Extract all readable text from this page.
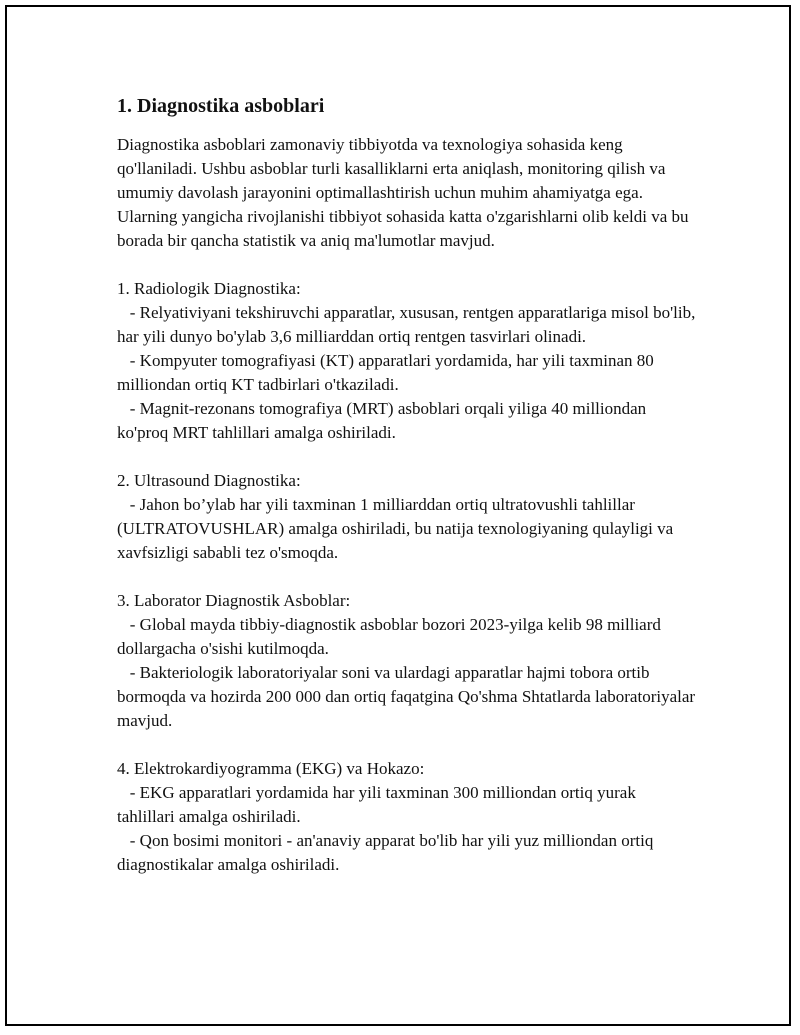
1. Diagnostika asboblari

Diagnostika asboblari zamonaviy tibbiyotda va texnologiya sohasida keng qo'llaniladi. Ushbu asboblar turli kasalliklarni erta aniqlash, monitoring qilish va umumiy davolash jarayonini optimallashtirish uchun muhim ahamiyatga ega. Ularning yangicha rivojlanishi tibbiyot sohasida katta o'zgarishlarni olib keldi va bu borada bir qancha statistik va aniq ma'lumotlar mavjud.

1. Radiologik Diagnostika:

- Relyativiyani tekshiruvchi apparatlar, xususan, rentgen apparatlariga misol bo'lib, har yili dunyo bo'ylab 3,6 milliarddan ortiq rentgen tasvirlari olinadi.

- Kompyuter tomografiyasi (KT) apparatlari yordamida, har yili taxminan 80 milliondan ortiq KT tadbirlari o'tkaziladi.

- Magnit-rezonans tomografiya (MRT) asboblari orqali yiliga 40 milliondan ko'proq MRT tahlillari amalga oshiriladi.

2. Ultrasound Diagnostika:

- Jahon bo’ylab har yili taxminan 1 milliarddan ortiq ultratovushli tahlillar (ULTRATOVUSHLAR) amalga oshiriladi, bu natija texnologiyaning qulayligi va xavfsizligi sababli tez o'smoqda.

3. Laborator Diagnostik Asboblar:

- Global mayda tibbiy-diagnostik asboblar bozori 2023-yilga kelib 98 milliard dollargacha o'sishi kutilmoqda.

- Bakteriologik laboratoriyalar soni va ulardagi apparatlar hajmi tobora ortib bormoqda va hozirda 200 000 dan ortiq faqatgina Qo'shma Shtatlarda laboratoriyalar mavjud.

4. Elektrokardiyogramma (EKG) va Hokazo:

- EKG apparatlari yordamida har yili taxminan 300 milliondan ortiq yurak tahlillari amalga oshiriladi.

- Qon bosimi monitori - an'anaviy apparat bo'lib har yili yuz milliondan ortiq diagnostikalar amalga oshiriladi.
